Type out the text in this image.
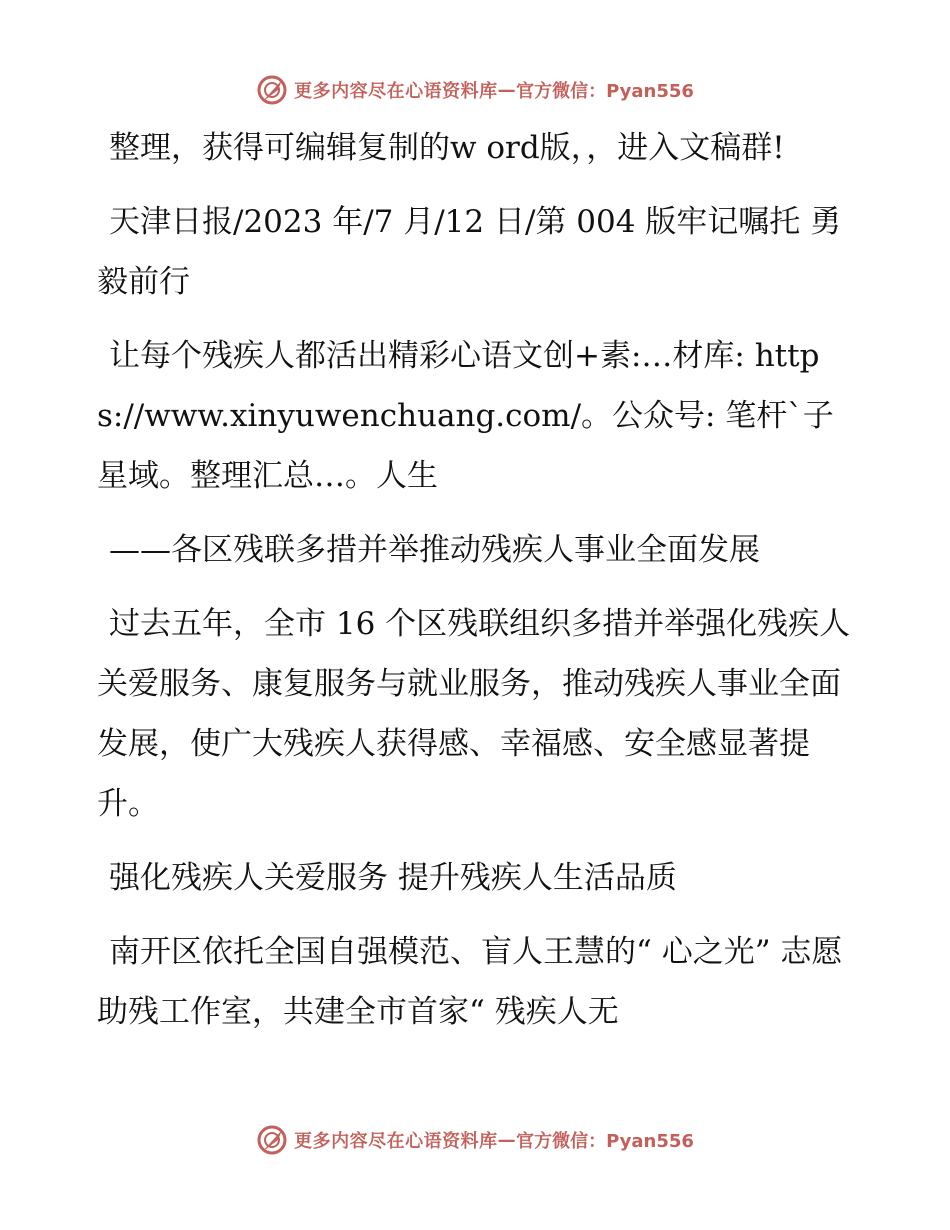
更多内容尽在心语资料库 — 官方微信：Pyan556

整理，获得可编辑复制的w ord版，，进入文稿群!

天津日报/2023 年/7 月/12 日/第 004 版牢记嘱托 勇毅前行

让每个残疾人都活出精彩心语文创+素:…材库: https://www.xinyuwenchuang.com/。公众号: 笔杆ˋ子星域。整理汇总…。人生

——各区残联多措并举推动残疾人事业全面发展

过去五年，全市 16 个区残联组织多措并举强化残疾人关爱服务、康复服务与就业服务，推动残疾人事业全面发展，使广大残疾人获得感、幸福感、安全感显著提升。

强化残疾人关爱服务 提升残疾人生活品质

南开区依托全国自强模范、盲人王慧的“ 心之光” 志愿助残工作室，共建全市首家“ 残疾人无

更多内容尽在心语资料库 — 官方微信：Pyan556
